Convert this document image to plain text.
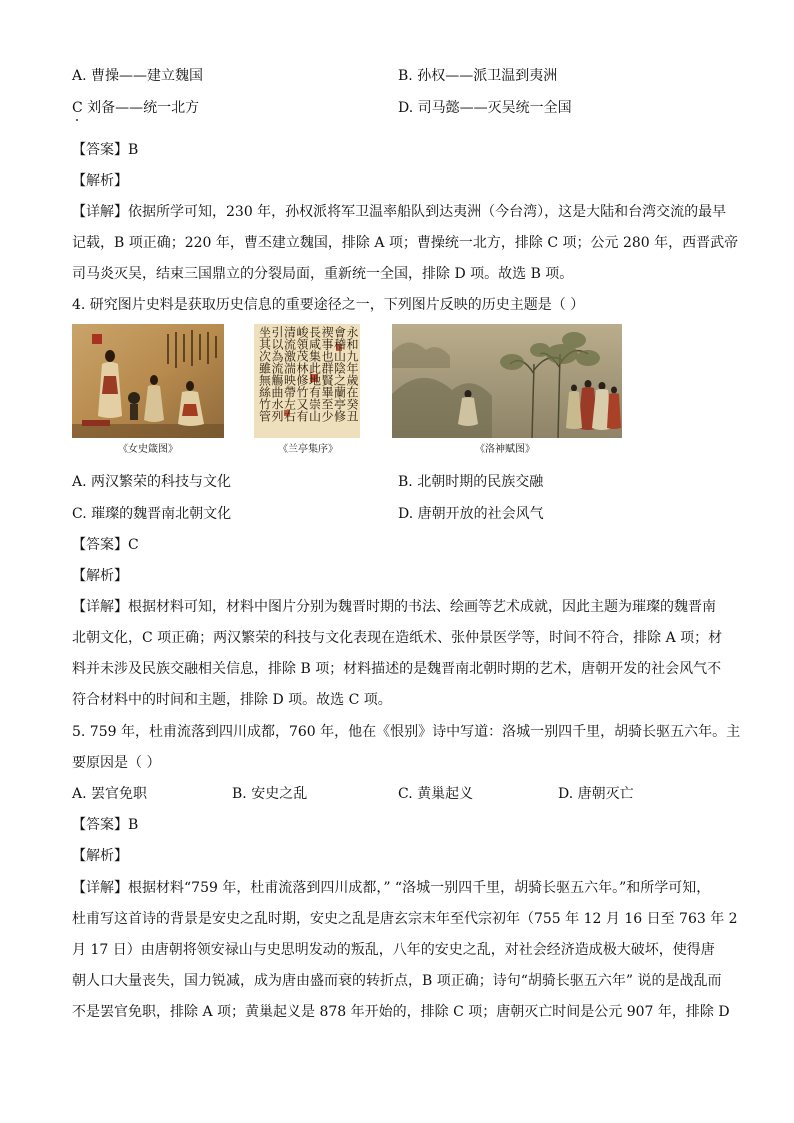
A. 曹操——建立魏国	B. 孙权——派卫温到夷洲
C 刘备——统一北方	D. 司马懿——灭吴统一全国
【答案】B
【解析】
【详解】依据所学可知，230 年，孙权派将军卫温率船队到达夷洲（今台湾），这是大陆和台湾交流的最早
记载，B 项正确；220 年，曹丕建立魏国，排除 A 项；曹操统一北方，排除 C 项；公元 280 年，西晋武帝
司马炎灭吴，结束三国鼎立的分裂局面，重新统一全国，排除 D 项。故选 B 项。
4. 研究图片史料是获取历史信息的重要途径之一，下列图片反映的历史主题是（ ）
《女史箴图》
永和九年歲在癸丑
會稽山陰之蘭亭修
禊事也群賢畢至少
長咸集此地有崇山
峻領茂林修竹又有
清流激湍映帶左右
引以為流觴曲水列
坐其次雖無絲竹管
《兰亭集序》	《洛神赋图》
A. 两汉繁荣的科技与文化	B. 北朝时期的民族交融
C. 璀璨的魏晋南北朝文化	D. 唐朝开放的社会风气
【答案】C
【解析】
【详解】根据材料可知，材料中图片分别为魏晋时期的书法、绘画等艺术成就，因此主题为璀璨的魏晋南
北朝文化，C 项正确；两汉繁荣的科技与文化表现在造纸术、张仲景医学等，时间不符合，排除 A 项；材
料并未涉及民族交融相关信息，排除 B 项；材料描述的是魏晋南北朝时期的艺术，唐朝开发的社会风气不
符合材料中的时间和主题，排除 D 项。故选 C 项。
5. 759 年，杜甫流落到四川成都，760 年，他在《恨别》诗中写道：洛城一别四千里，胡骑长驱五六年。主
要原因是（ ）
A. 罢官免职	B. 安史之乱	C. 黄巢起义	D. 唐朝灭亡
【答案】B
【解析】
【详解】根据材料“759 年，杜甫流落到四川成都，” “洛城一别四千里，胡骑长驱五六年。”和所学可知，
杜甫写这首诗的背景是安史之乱时期，安史之乱是唐玄宗末年至代宗初年（755 年 12 月 16 日至 763 年 2
月 17 日）由唐朝将领安禄山与史思明发动的叛乱，八年的安史之乱，对社会经济造成极大破坏，使得唐
朝人口大量丧失，国力锐减，成为唐由盛而衰的转折点，B 项正确；诗句“胡骑长驱五六年” 说的是战乱而
不是罢官免职，排除 A 项；黄巢起义是 878 年开始的，排除 C 项；唐朝灭亡时间是公元 907 年，排除 D
